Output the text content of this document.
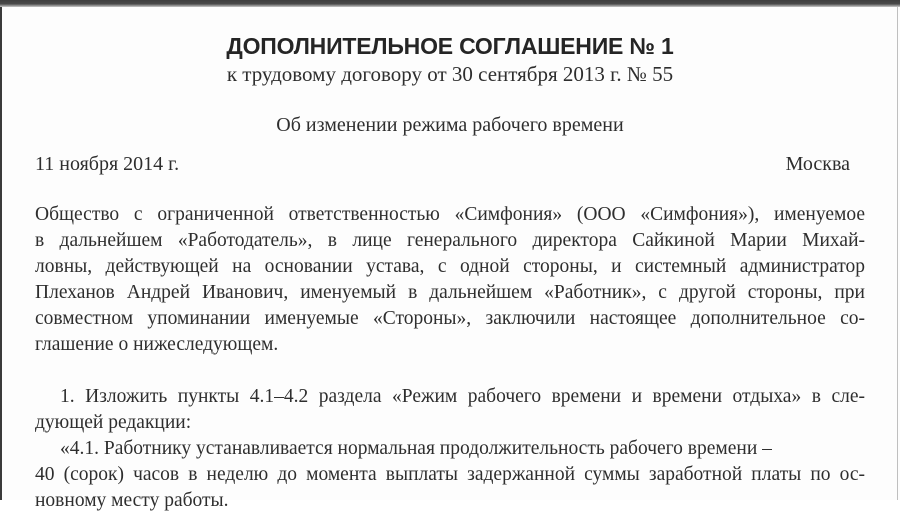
ДОПОЛНИТЕЛЬНОЕ СОГЛАШЕНИЕ № 1
к трудовому договору от 30 сентября 2013 г. № 55
Об изменении режима рабочего времени
11 ноября 2014 г.	Москва
Общество с ограниченной ответственностью «Симфония» (ООО «Симфония»), именуемое
в дальнейшем «Работодатель», в лице генерального директора Сайкиной Марии Михай-
ловны, действующей на основании устава, с одной стороны, и системный администратор
Плеханов Андрей Иванович, именуемый в дальнейшем «Работник», с другой стороны, при
совместном упоминании именуемые «Стороны», заключили настоящее дополнительное со-
глашение о нижеследующем.
1. Изложить пункты 4.1–4.2 раздела «Режим рабочего времени и времени отдыха» в сле-
дующей редакции:
«4.1. Работнику устанавливается нормальная продолжительность рабочего времени –
40 (сорок) часов в неделю до момента выплаты задержанной суммы заработной платы по ос-
новному месту работы.
